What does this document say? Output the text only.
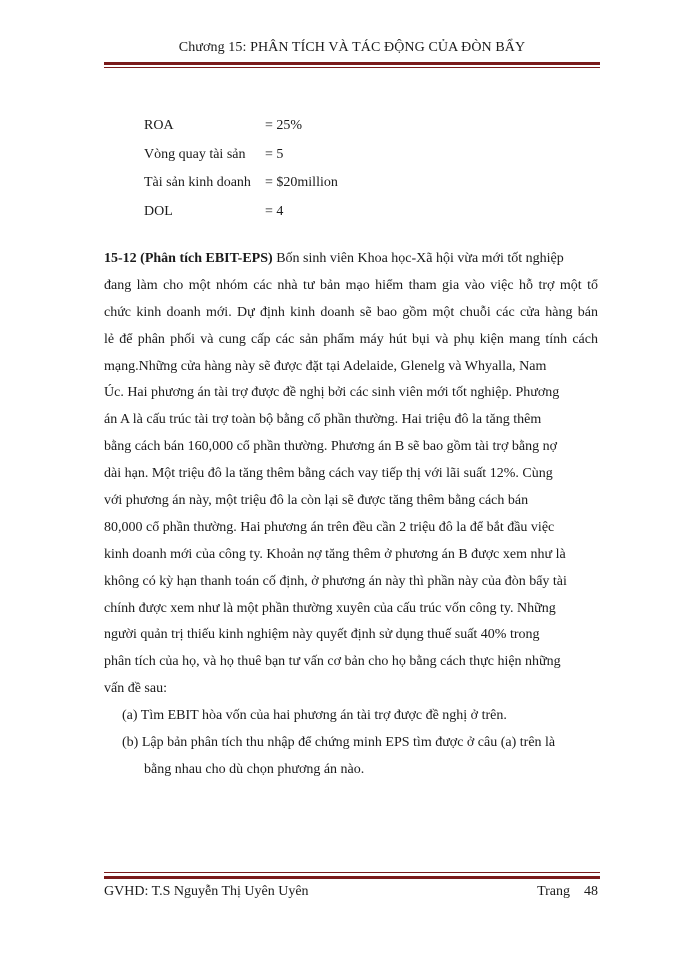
Chương 15: PHÂN TÍCH VÀ TÁC ĐỘNG CỦA ĐÒN BẨY
ROA	= 25%
Vòng quay tài sản	= 5
Tài sản kinh doanh	= $20million
DOL	= 4
15-12 (Phân tích EBIT-EPS) Bốn sinh viên Khoa học-Xã hội vừa mới tốt nghiệp
đang làm cho một nhóm các nhà tư bản mạo hiểm tham gia vào việc hỗ trợ một tổ
chức kinh doanh mới. Dự định kinh doanh sẽ bao gồm một chuỗi các cửa hàng bán
lẻ để phân phối và cung cấp các sản phẩm máy hút bụi và phụ kiện mang tính cách
mạng.Những cửa hàng này sẽ được đặt tại Adelaide, Glenelg và Whyalla, Nam
Úc. Hai phương án tài trợ được đề nghị bởi các sinh viên mới tốt nghiệp. Phương
án A là cấu trúc tài trợ toàn bộ bằng cổ phần thường. Hai triệu đô la tăng thêm
bằng cách bán 160,000 cổ phần thường. Phương án B sẽ bao gồm tài trợ bằng nợ
dài hạn. Một triệu đô la tăng thêm bằng cách vay tiếp thị với lãi suất 12%. Cùng
với phương án này, một triệu đô la còn lại sẽ được tăng thêm bằng cách bán
80,000 cổ phần thường. Hai phương án trên đều cần 2 triệu đô la để bắt đầu việc
kinh doanh mới của công ty. Khoản nợ tăng thêm ở phương án B được xem như là
không có kỳ hạn thanh toán cố định, ở phương án này thì phần này của đòn bẩy tài
chính được xem như là một phần thường xuyên của cấu trúc vốn công ty. Những
người quản trị thiếu kinh nghiệm này quyết định sử dụng thuế suất 40% trong
phân tích của họ, và họ thuê bạn tư vấn cơ bản cho họ bằng cách thực hiện những
vấn đề sau:
(a) Tìm EBIT hòa vốn của hai phương án tài trợ được đề nghị ở trên.
(b) Lập bản phân tích thu nhập để chứng minh EPS tìm được ở câu (a) trên là
bằng nhau cho dù chọn phương án nào.
GVHD: T.S Nguyễn Thị Uyên Uyên	Trang 48
